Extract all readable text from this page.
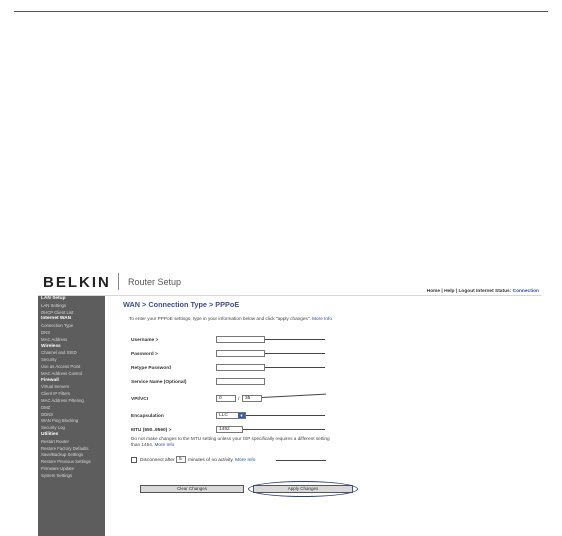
BELKIN Router Setup
Home | Help | Logout Internet Status: Connection
LAN Setup
LAN Settings
DHCP Client List
Internet WAN
Connection Type
DNS
MAC Address
Wireless
Channel and SSID
Security
Use as Access Point
MAC Address Control
Firewall
Virtual Servers
Client IP Filters
MAC Address Filtering
DMZ
DDNS
WAN Ping Blocking
Security Log
Utilities
Restart Router
Restore Factory Defaults
Save/Backup Settings
Restore Previous Settings
Firmware Update
System Settings
WAN > Connection Type > PPPoE
To enter your PPPoE settings, type in your information below and click "apply changes". More Info
Username >
Password >
Retype Password
Service Name (Optional)
VPI/VCI	0	/	35
Encapsulation	LLC	▼
MTU (550..9560) >	1492
Do not make changes to the MTU setting unless your ISP specifically requires a different setting
than 1454. More Info
Disconnect after 5	minutes of no activity. More Info
Clear Changes	Apply Changes
